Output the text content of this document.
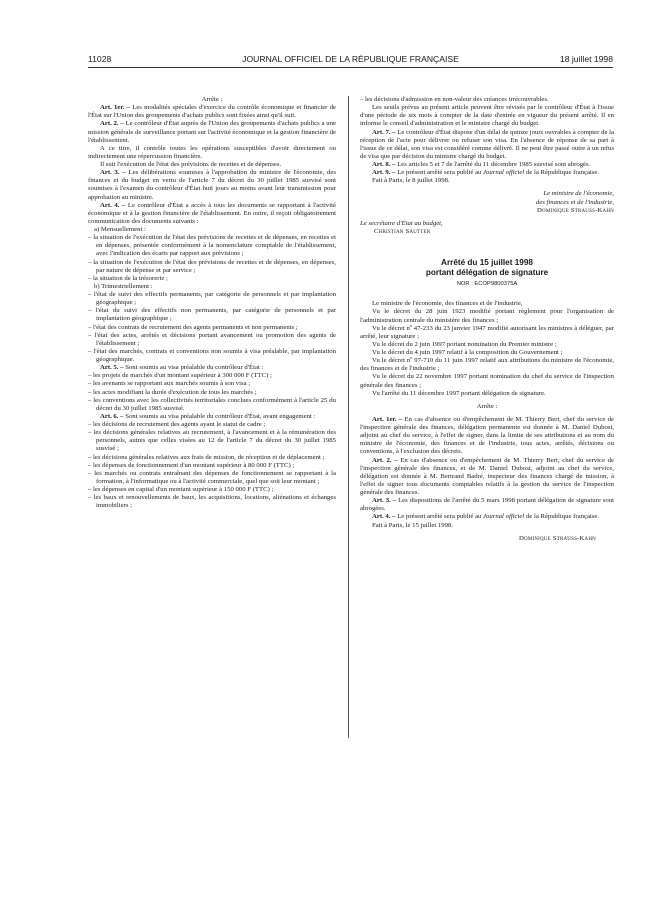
11028	JOURNAL OFFICIEL DE LA RÉPUBLIQUE FRANÇAISE	18 juillet 1998

Arrête :

Art. 1er. – Les modalités spéciales d'exercice du contrôle économique et financier de l'État sur l'Union des groupements d'achats publics sont fixées ainsi qu'il suit.

Art. 2. – Le contrôleur d'État auprès de l'Union des groupements d'achats publics a une mission générale de surveillance portant sur l'activité économique et la gestion financière de l'établissement.

A ce titre, il contrôle toutes les opérations susceptibles d'avoir directement ou indirectement une répercussion financière.

Il suit l'exécution de l'état des prévisions de recettes et de dépenses.

Art. 3. – Les délibérations soumises à l'approbation du ministre de l'économie, des finances et du budget en vertu de l'article 7 du décret du 30 juillet 1985 susvisé sont soumises à l'examen du contrôleur d'État huit jours au moins avant leur transmission pour approbation au ministre.

Art. 4. – Le contrôleur d'État a accès à tous les documents se rapportant à l'activité économique et à la gestion financière de l'établissement. En outre, il reçoit obligatoirement communication des documents suivants :

a) Mensuellement :

– la situation de l'exécution de l'état des prévisions de recettes et de dépenses, en recettes et en dépenses, présentée conformément à la nomenclature comptable de l'établissement, avec l'indication des écarts par rapport aux prévisions ;

– la situation de l'exécution de l'état des prévisions de recettes et de dépenses, en dépenses, par nature de dépense et par service ;

– la situation de la trésorerie ;

b) Trimestriellement :

– l'état de suivi des effectifs permanents, par catégorie de personnels et par implantation géographique ;

– l'état du suivi des effectifs non permanents, par catégorie de personnels et par implantation géographique ;

– l'état des contrats de recrutement des agents permanents et non permanents ;

– l'état des actes, arrêtés et décisions portant avancement ou promotion des agents de l'établissement ;

– l'état des marchés, contrats et conventions non soumis à visa préalable, par implantation géographique.

Art. 5. – Sont soumis au visa préalable du contrôleur d'État :

– les projets de marchés d'un montant supérieur à 300 000 F (TTC) ;

– les avenants se rapportant aux marchés soumis à son visa ;

– les actes modifiant la durée d'exécution de tous les marchés ;

– les conventions avec les collectivités territoriales conclues conformément à l'article 25 du décret du 30 juillet 1985 susvisé.

Art. 6. – Sont soumis au visa préalable du contrôleur d'État, avant engagement :

– les décisions de recrutement des agents ayant le statut de cadre ;

– les décisions générales relatives au recrutement, à l'avancement et à la rémunération des personnels, autres que celles visées au 12 de l'article 7 du décret du 30 juillet 1985 susvisé ;

– les décisions générales relatives aux frais de mission, de réception et de déplacement ;

– les dépenses de fonctionnement d'un montant supérieur à 80 000 F (TTC) ;

– les marchés ou contrats entraînant des dépenses de fonctionnement se rapportant à la formation, à l'informatique ou à l'activité commerciale, quel que soit leur montant ;

– les dépenses en capital d'un montant supérieur à 150 000 F (TTC) ;

– les baux et renouvellements de baux, les acquisitions, locations, aliénations et échanges immobiliers ;

– les décisions d'admission en non-valeur des créances irrécouvrables.

Les seuils prévus au présent article peuvent être révisés par le contrôleur d'État à l'issue d'une période de six mois à compter de la date d'entrée en vigueur du présent arrêté. Il en informe le conseil d'administration et le ministre chargé du budget.

Art. 7. – Le contrôleur d'État dispose d'un délai de quinze jours ouvrables à compter de la réception de l'acte pour délivrer ou refuser son visa. En l'absence de réponse de sa part à l'issue de ce délai, son visa est considéré comme délivré. Il ne peut être passé outre à un refus de visa que par décision du ministre chargé du budget.

Art. 8. – Les articles 5 et 7 de l'arrêté du 11 décembre 1985 susvisé sont abrogés.

Art. 9. – Le présent arrêté sera publié au Journal officiel de la République française.

Fait à Paris, le 8 juillet 1998.

Le ministre de l'économie,

des finances et de l'industrie,

Dominique Strauss-Kahn

Le secrétaire d'État au budget,

Christian Sautter

Arrêté du 15 juillet 1998

portant délégation de signature

NOR : ECOP9800375A

Le ministre de l'économie, des finances et de l'industrie,

Vu le décret du 28 juin 1923 modifié portant règlement pour l'organisation de l'administration centrale du ministère des finances ;

Vu le décret nº 47-233 du 23 janvier 1947 modifié autorisant les ministres à déléguer, par arrêté, leur signature ;

Vu le décret du 2 juin 1997 portant nomination du Premier ministre ;

Vu le décret du 4 juin 1997 relatif à la composition du Gouvernement ;

Vu le décret nº 97-710 du 11 juin 1997 relatif aux attributions du ministre de l'économie, des finances et de l'industrie ;

Vu le décret du 22 novembre 1997 portant nomination du chef du service de l'inspection générale des finances ;

Vu l'arrêté du 11 décembre 1997 portant délégation de signature.

Arrête :

Art. 1er. – En cas d'absence ou d'empêchement de M. Thierry Bert, chef du service de l'inspection générale des finances, délégation permanente est donnée à M. Daniel Dubost, adjoint au chef du service, à l'effet de signer, dans la limite de ses attributions et au nom du ministre de l'économie, des finances et de l'industrie, tous actes, arrêtés, décisions ou conventions, à l'exclusion des décrets.

Art. 2. – En cas d'absence ou d'empêchement de M. Thierry Bert, chef du service de l'inspection générale des finances, et de M. Daniel Dubost, adjoint au chef du service, délégation est donnée à M. Bertrand Badré, inspecteur des finances chargé de mission, à l'effet de signer tous documents comptables relatifs à la gestion du service de l'inspection générale des finances.

Art. 3. – Les dispositions de l'arrêté du 5 mars 1998 portant délégation de signature sont abrogées.

Art. 4. – Le présent arrêté sera publié au Journal officiel de la République française.

Fait à Paris, le 15 juillet 1998.

Dominique Strauss-Kahn
